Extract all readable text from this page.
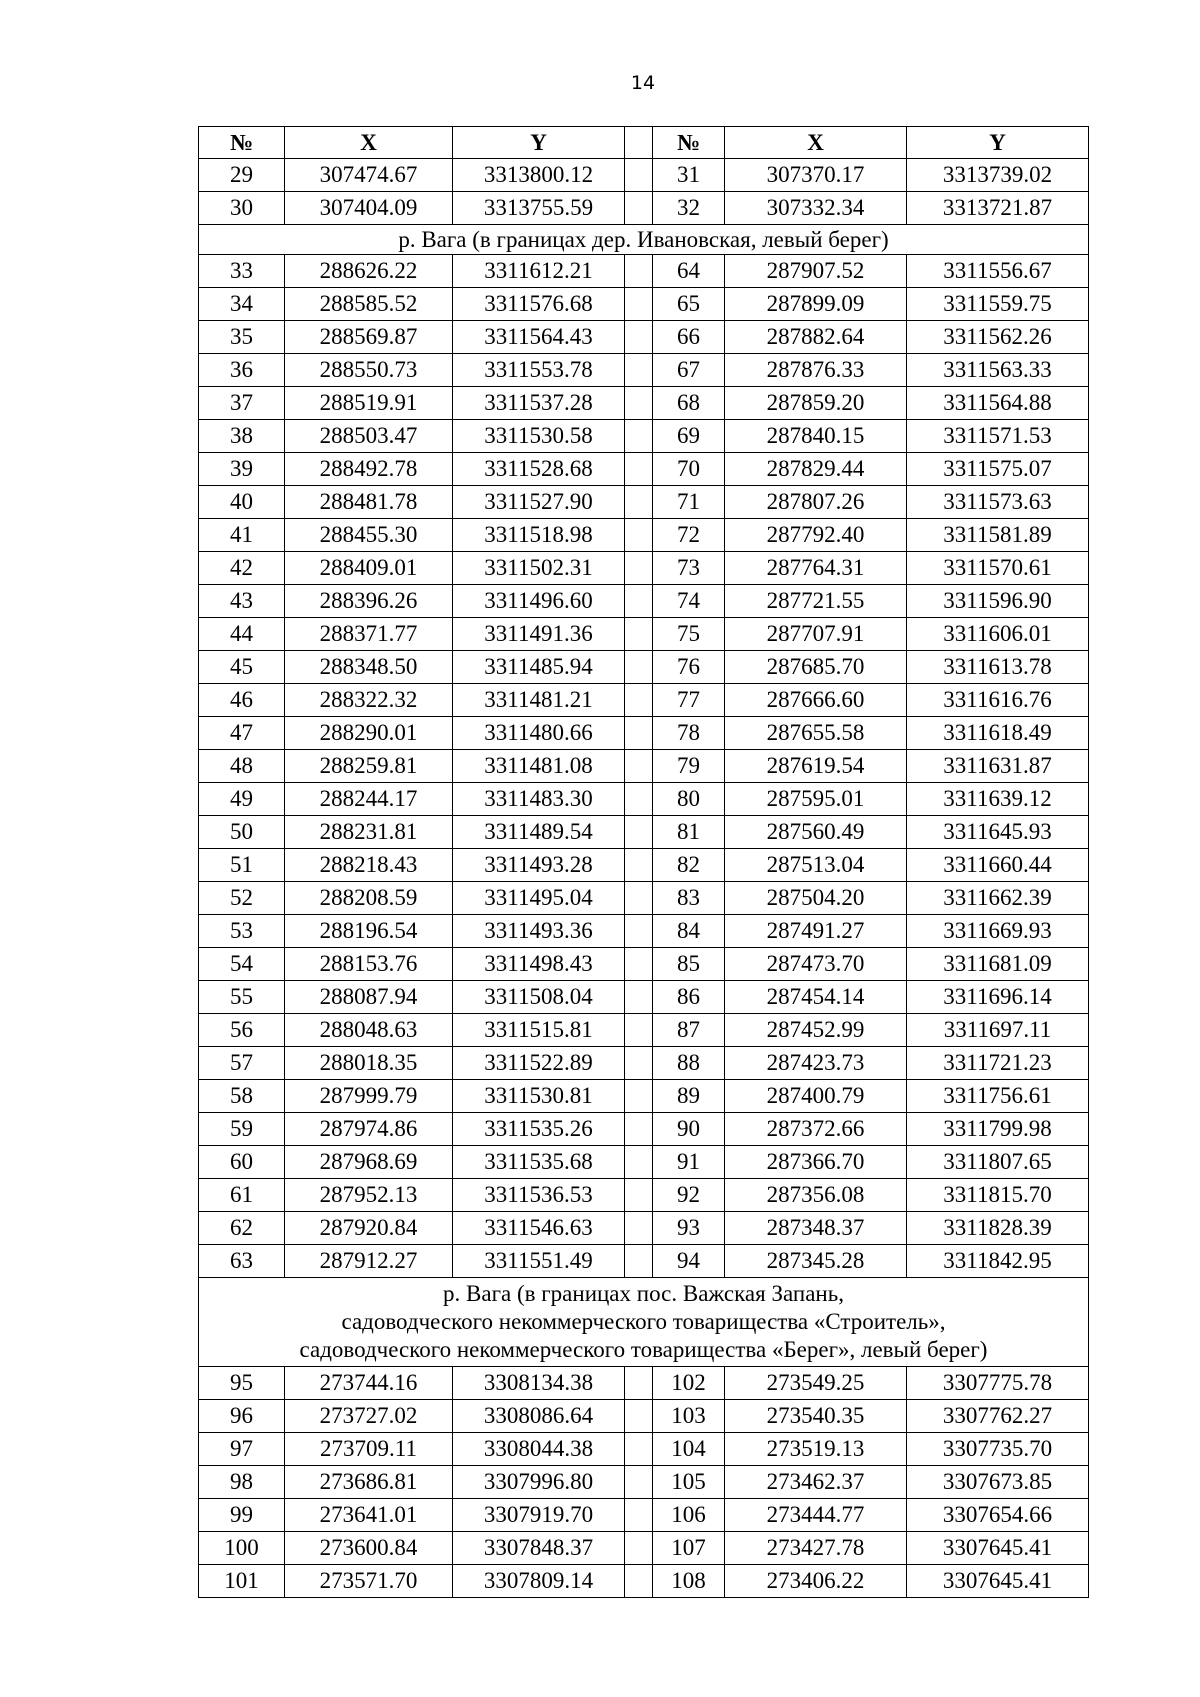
14
№	X	Y		№	X	Y
29	307474.67	3313800.12		31	307370.17	3313739.02
30	307404.09	3313755.59		32	307332.34	3313721.87

р. Вага (в границах дер. Ивановская, левый берег)						

33	288626.22	3311612.21		64	287907.52	3311556.67
34	288585.52	3311576.68		65	287899.09	3311559.75
35	288569.87	3311564.43		66	287882.64	3311562.26
36	288550.73	3311553.78		67	287876.33	3311563.33
37	288519.91	3311537.28		68	287859.20	3311564.88
38	288503.47	3311530.58		69	287840.15	3311571.53
39	288492.78	3311528.68		70	287829.44	3311575.07
40	288481.78	3311527.90		71	287807.26	3311573.63
41	288455.30	3311518.98		72	287792.40	3311581.89
42	288409.01	3311502.31		73	287764.31	3311570.61
43	288396.26	3311496.60		74	287721.55	3311596.90
44	288371.77	3311491.36		75	287707.91	3311606.01
45	288348.50	3311485.94		76	287685.70	3311613.78
46	288322.32	3311481.21		77	287666.60	3311616.76
47	288290.01	3311480.66		78	287655.58	3311618.49
48	288259.81	3311481.08		79	287619.54	3311631.87
49	288244.17	3311483.30		80	287595.01	3311639.12
50	288231.81	3311489.54		81	287560.49	3311645.93
51	288218.43	3311493.28		82	287513.04	3311660.44
52	288208.59	3311495.04		83	287504.20	3311662.39
53	288196.54	3311493.36		84	287491.27	3311669.93
54	288153.76	3311498.43		85	287473.70	3311681.09
55	288087.94	3311508.04		86	287454.14	3311696.14
56	288048.63	3311515.81		87	287452.99	3311697.11
57	288018.35	3311522.89		88	287423.73	3311721.23
58	287999.79	3311530.81		89	287400.79	3311756.61
59	287974.86	3311535.26		90	287372.66	3311799.98
60	287968.69	3311535.68		91	287366.70	3311807.65
61	287952.13	3311536.53		92	287356.08	3311815.70
62	287920.84	3311546.63		93	287348.37	3311828.39
63	287912.27	3311551.49		94	287345.28	3311842.95

р. Вага (в границах пос. Важская Запань,
садоводческого некоммерческого товарищества «Строитель»,
садоводческого некоммерческого товарищества «Берег», левый берег)						

95	273744.16	3308134.38		102	273549.25	3307775.78
96	273727.02	3308086.64		103	273540.35	3307762.27
97	273709.11	3308044.38		104	273519.13	3307735.70
98	273686.81	3307996.80		105	273462.37	3307673.85
99	273641.01	3307919.70		106	273444.77	3307654.66
100	273600.84	3307848.37		107	273427.78	3307645.41
101	273571.70	3307809.14		108	273406.22	3307645.41
